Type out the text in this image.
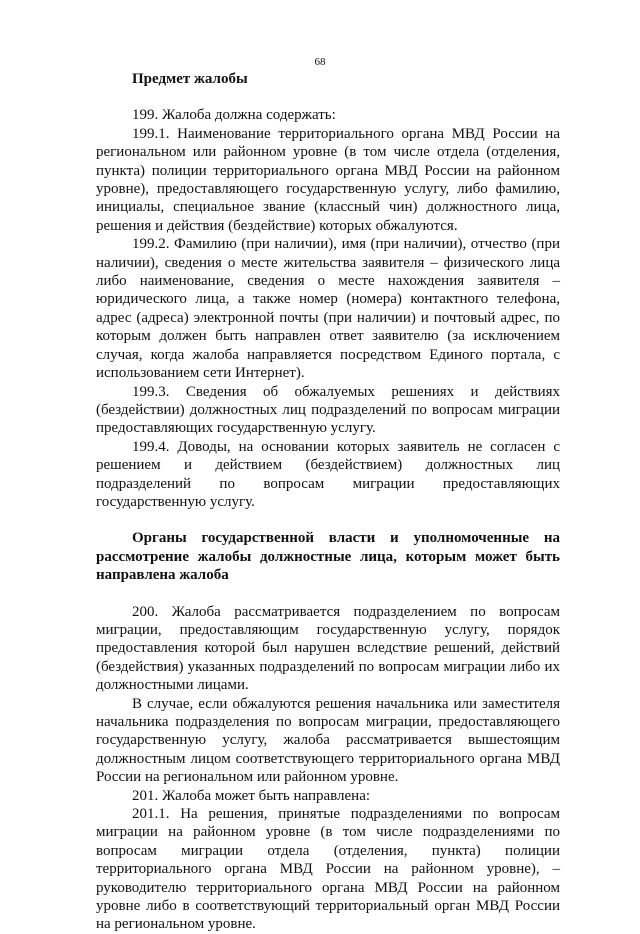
68

Предмет жалобы

199. Жалоба должна содержать:

199.1. Наименование территориального органа МВД России на региональном или районном уровне (в том числе отдела (отделения, пункта) полиции территориального органа МВД России на районном уровне), предоставляющего государственную услугу, либо фамилию, инициалы, специальное звание (классный чин) должностного лица, решения и действия (бездействие) которых обжалуются.

199.2. Фамилию (при наличии), имя (при наличии), отчество (при наличии), сведения о месте жительства заявителя – физического лица либо наименование, сведения о месте нахождения заявителя – юридического лица, а также номер (номера) контактного телефона, адрес (адреса) электронной почты (при наличии) и почтовый адрес, по которым должен быть направлен ответ заявителю (за исключением случая, когда жалоба направляется посредством Единого портала, с использованием сети Интернет).

199.3. Сведения об обжалуемых решениях и действиях (бездействии) должностных лиц подразделений по вопросам миграции предоставляющих государственную услугу.

199.4. Доводы, на основании которых заявитель не согласен с решением и действием (бездействием) должностных лиц подразделений по вопросам миграции предоставляющих государственную услугу.

Органы государственной власти и уполномоченные на рассмотрение жалобы должностные лица, которым может быть направлена жалоба

200. Жалоба рассматривается подразделением по вопросам миграции, предоставляющим государственную услугу, порядок предоставления которой был нарушен вследствие решений, действий (бездействия) указанных подразделений по вопросам миграции либо их должностными лицами.

В случае, если обжалуются решения начальника или заместителя начальника подразделения по вопросам миграции, предоставляющего государственную услугу, жалоба рассматривается вышестоящим должностным лицом соответствующего территориального органа МВД России на региональном или районном уровне.

201. Жалоба может быть направлена:

201.1. На решения, принятые подразделениями по вопросам миграции на районном уровне (в том числе подразделениями по вопросам миграции отдела (отделения, пункта) полиции территориального органа МВД России на районном уровне), – руководителю территориального органа МВД России на районном уровне либо в соответствующий территориальный орган МВД России на региональном уровне.
